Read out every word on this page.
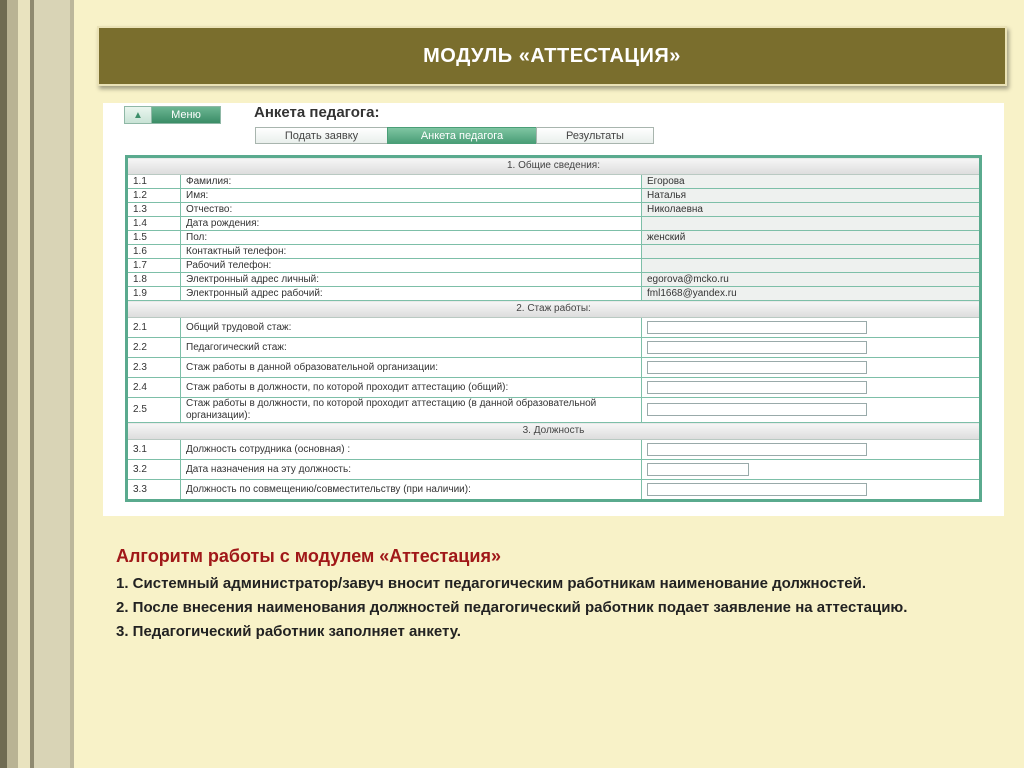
МОДУЛЬ «АТТЕСТАЦИЯ»
▲	Меню	Анкета педагога:
Подать заявку	Анкета педагога	Результаты
1. Общие сведения:		
1.1	Фамилия:	Егорова
1.2	Имя:	Наталья
1.3	Отчество:	Николаевна
1.4	Дата рождения:	
1.5	Пол:	женский
1.6	Контактный телефон:	
1.7	Рабочий телефон:	
1.8	Электронный адрес личный:	egorova@mcko.ru
1.9	Электронный адрес рабочий:	fml1668@yandex.ru
2. Стаж работы:		
2.1	Общий трудовой стаж:	
2.2	Педагогический стаж:	
2.3	Стаж работы в данной образовательной организации:	
2.4	Стаж работы в должности, по которой проходит аттестацию (общий):	
2.5	Стаж работы в должности, по которой проходит аттестацию (в данной образовательной организации):	
3. Должность		
3.1	Должность сотрудника (основная) :	
3.2	Дата назначения на эту должность:	
3.3	Должность по совмещению/совместительству (при наличии):	
Алгоритм работы с модулем «Аттестация»
1. Системный администратор/завуч вносит педагогическим работникам наименование должностей.
2. После внесения наименования должностей педагогический работник подает заявление на аттестацию.
3. Педагогический работник заполняет анкету.
